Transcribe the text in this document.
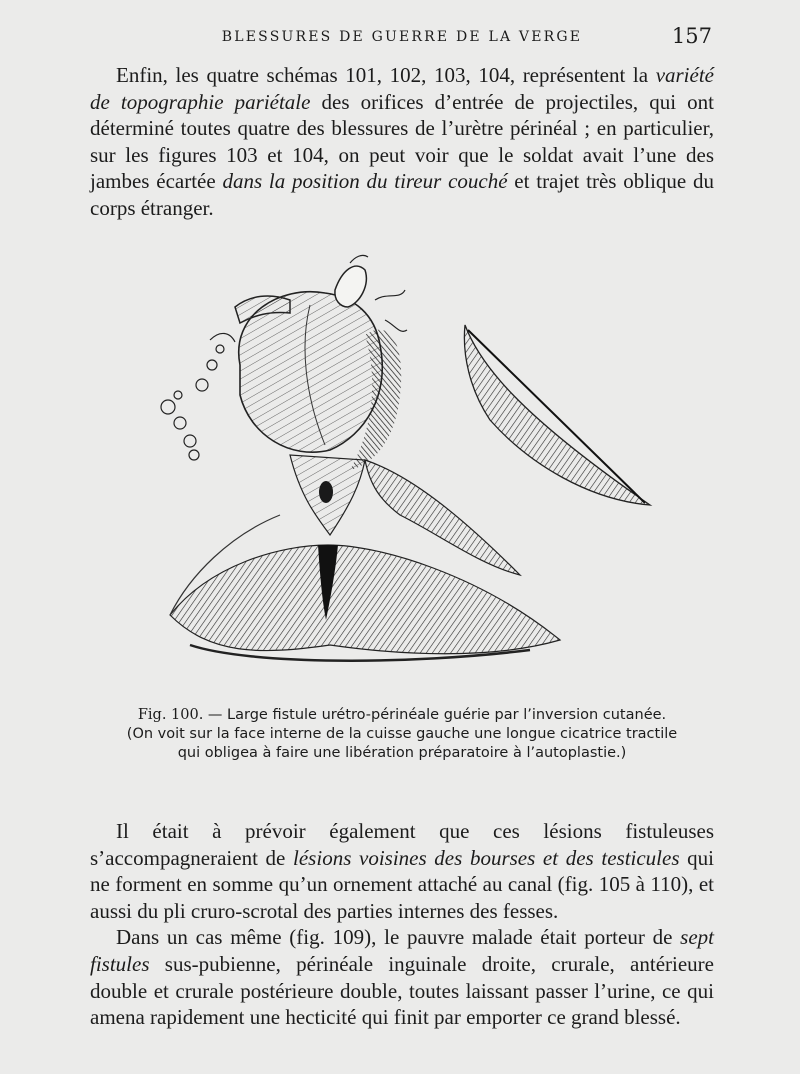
BLESSURES DE GUERRE DE LA VERGE	157

Enfin, les quatre schémas 101, 102, 103, 104, représentent la variété de topographie pariétale des orifices d’entrée de projectiles, qui ont déterminé toutes quatre des blessures de l’urètre périnéal ; en particulier, sur les figures 103 et 104, on peut voir que le soldat avait l’une des jambes écartée dans la position du tireur couché et trajet très oblique du corps étranger.

Fig. 100. — Large fistule urétro-périnéale guérie par l’inversion cutanée.
(On voit sur la face interne de la cuisse gauche une longue cicatrice tractile
qui obligea à faire une libération préparatoire à l’autoplastie.)

Il était à prévoir également que ces lésions fistuleuses s’accompagneraient de lésions voisines des bourses et des testicules qui ne forment en somme qu’un ornement attaché au canal (fig. 105 à 110), et aussi du pli cruro-scrotal des parties internes des fesses.

Dans un cas même (fig. 109), le pauvre malade était porteur de sept fistules sus-pubienne, périnéale inguinale droite, crurale, antérieure double et crurale postérieure double, toutes laissant passer l’urine, ce qui amena rapidement une hecticité qui finit par emporter ce grand blessé.
